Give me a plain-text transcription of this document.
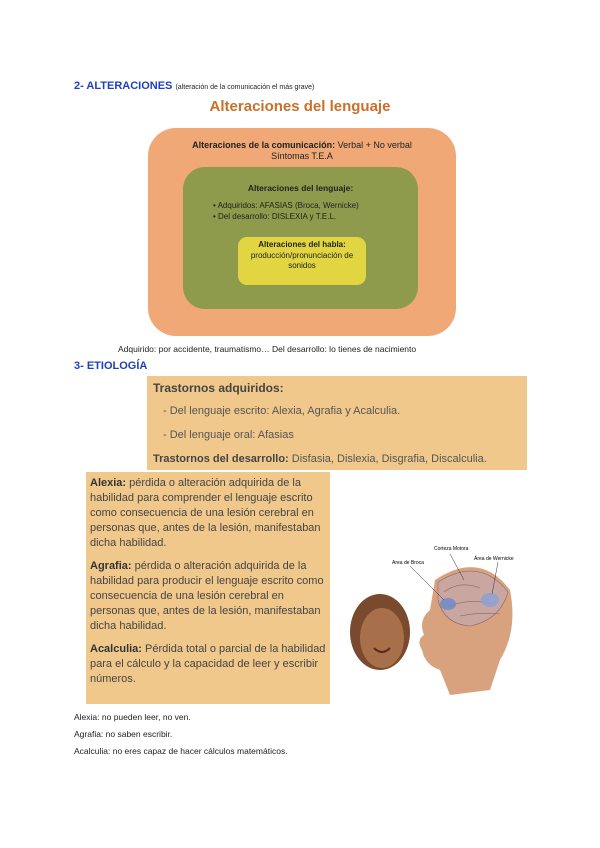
2- ALTERACIONES (alteración de la comunicación el más grave)
Alteraciones del lenguaje
Alteraciones de la comunicación: Verbal + No verbal
Síntomas T.E.A
Alteraciones del lenguaje:
• Adquiridos: AFASIAS (Broca, Wernicke)
• Del desarrollo: DISLEXIA y T.E.L.
Alteraciones del habla:
producción/pronunciación de sonidos
Adquirido: por accidente, traumatismo… Del desarrollo: lo tienes de nacimiento
3- ETIOLOGÍA
Trastornos adquiridos:
- Del lenguaje escrito: Alexia, Agrafia y Acalculia.
- Del lenguaje oral: Afasias
Trastornos del desarrollo: Disfasia, Dislexia, Disgrafia, Discalculia.

Alexia: pérdida o alteración adquirida de la habilidad para comprender el lenguaje escrito como consecuencia de una lesión cerebral en personas que, antes de la lesión, manifestaban dicha habilidad.

Agrafia: pérdida o alteración adquirida de la habilidad para producir el lenguaje escrito como consecuencia de una lesión cerebral en personas que, antes de la lesión, manifestaban dicha habilidad.

Acalculia: Pérdida total o parcial de la habilidad para el cálculo y la capacidad de leer y escribir números.

Area de Broca
Corteza Motora
Área de Wernicke
Alexia: no pueden leer, no ven.
Agrafia: no saben escribir.
Acalculia: no eres capaz de hacer cálculos matemáticos.
